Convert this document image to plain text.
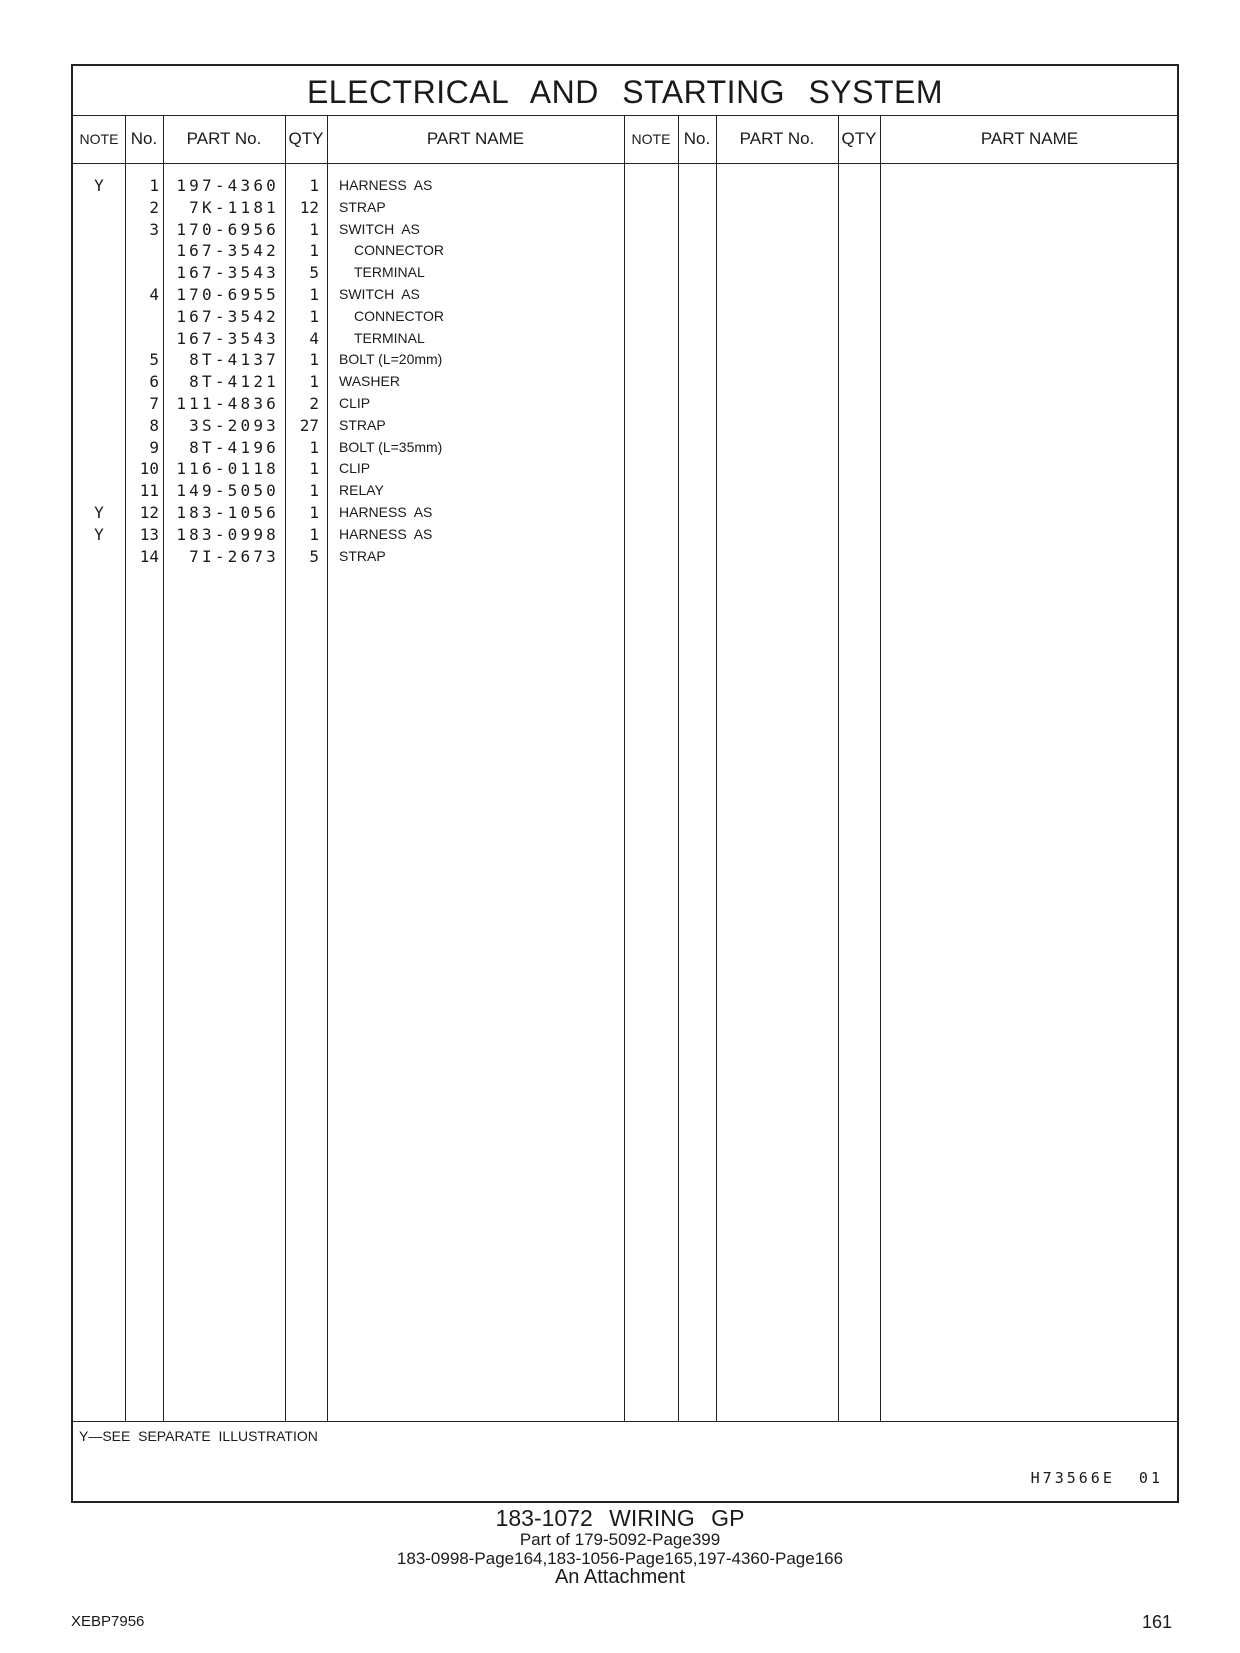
ELECTRICAL AND STARTING SYSTEM
NOTE No.	PART No.	QTY	PART NAME	NOTE No.	PART No.	QTY	PART NAME
Y	1	197-4360	1 HARNESS  AS
2	7K-1181	12 STRAP
3	170-6956	1 SWITCH  AS
167-3542	1	CONNECTOR
167-3543	5	TERMINAL
4	170-6955	1 SWITCH  AS
167-3542	1	CONNECTOR
167-3543	4	TERMINAL
5	8T-4137	1 BOLT (L=20mm)
6	8T-4121	1 WASHER
7	111-4836	2 CLIP
8	3S-2093	27 STRAP
9	8T-4196	1 BOLT (L=35mm)
10	116-0118	1 CLIP
11	149-5050	1 RELAY
Y	12	183-1056	1 HARNESS  AS
Y	13	183-0998	1 HARNESS  AS
14	7I-2673	5 STRAP
Y—SEE  SEPARATE  ILLUSTRATION
H73566E  01
183-1072 WIRING GP
Part of 179-5092-Page399
183-0998-Page164,183-1056-Page165,197-4360-Page166
An Attachment
XEBP7956	161
